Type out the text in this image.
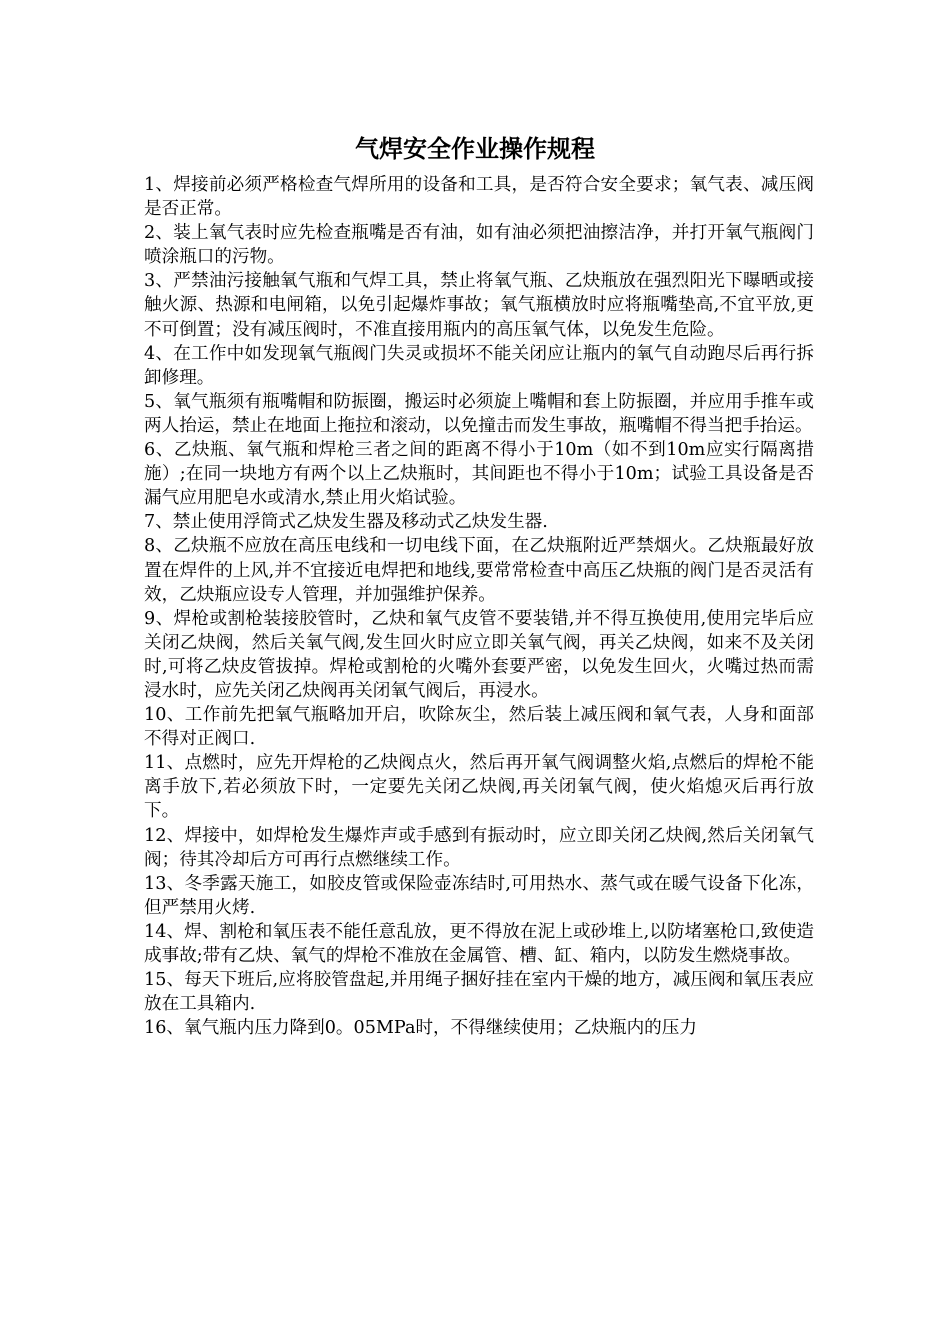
气焊安全作业操作规程

1、焊接前必须严格检查气焊所用的设备和工具，是否符合安全要求；氧气表、减压阀是否正常。

2、装上氧气表时应先检查瓶嘴是否有油，如有油必须把油擦洁净，并打开氧气瓶阀门喷涂瓶口的污物。

3、严禁油污接触氧气瓶和气焊工具，禁止将氧气瓶、乙炔瓶放在强烈阳光下曝晒或接触火源、热源和电闸箱，以免引起爆炸事故；氧气瓶横放时应将瓶嘴垫高,不宜平放,更不可倒置；没有减压阀时，不准直接用瓶内的高压氧气体，以免发生危险。

4、在工作中如发现氧气瓶阀门失灵或损坏不能关闭应让瓶内的氧气自动跑尽后再行拆卸修理。

5、氧气瓶须有瓶嘴帽和防振圈，搬运时必须旋上嘴帽和套上防振圈，并应用手推车或两人抬运，禁止在地面上拖拉和滚动，以免撞击而发生事故，瓶嘴帽不得当把手抬运。

6、乙炔瓶、氧气瓶和焊枪三者之间的距离不得小于10m（如不到10m应实行隔离措施）;在同一块地方有两个以上乙炔瓶时，其间距也不得小于10m；试验工具设备是否漏气应用肥皂水或清水,禁止用火焰试验。

7、禁止使用浮筒式乙炔发生器及移动式乙炔发生器.

8、乙炔瓶不应放在高压电线和一切电线下面，在乙炔瓶附近严禁烟火。乙炔瓶最好放置在焊件的上风,并不宜接近电焊把和地线,要常常检查中高压乙炔瓶的阀门是否灵活有效，乙炔瓶应设专人管理，并加强维护保养。

9、焊枪或割枪装接胶管时，乙炔和氧气皮管不要装错,并不得互换使用,使用完毕后应关闭乙炔阀，然后关氧气阀,发生回火时应立即关氧气阀，再关乙炔阀，如来不及关闭时,可将乙炔皮管拔掉。焊枪或割枪的火嘴外套要严密，以免发生回火，火嘴过热而需浸水时，应先关闭乙炔阀再关闭氧气阀后，再浸水。

10、工作前先把氧气瓶略加开启，吹除灰尘，然后装上减压阀和氧气表，人身和面部不得对正阀口.

11、点燃时，应先开焊枪的乙炔阀点火，然后再开氧气阀调整火焰,点燃后的焊枪不能离手放下,若必须放下时，一定要先关闭乙炔阀,再关闭氧气阀，使火焰熄灭后再行放下。

12、焊接中，如焊枪发生爆炸声或手感到有振动时，应立即关闭乙炔阀,然后关闭氧气阀；待其冷却后方可再行点燃继续工作。

13、冬季露天施工，如胶皮管或保险壶冻结时,可用热水、蒸气或在暖气设备下化冻，但严禁用火烤.

14、焊、割枪和氧压表不能任意乱放，更不得放在泥上或砂堆上,以防堵塞枪口,致使造成事故;带有乙炔、氧气的焊枪不准放在金属管、槽、缸、箱内，以防发生燃烧事故。

15、每天下班后,应将胶管盘起,并用绳子捆好挂在室内干燥的地方，减压阀和氧压表应放在工具箱内.

16、氧气瓶内压力降到0。05MPa时，不得继续使用；乙炔瓶内的压力
